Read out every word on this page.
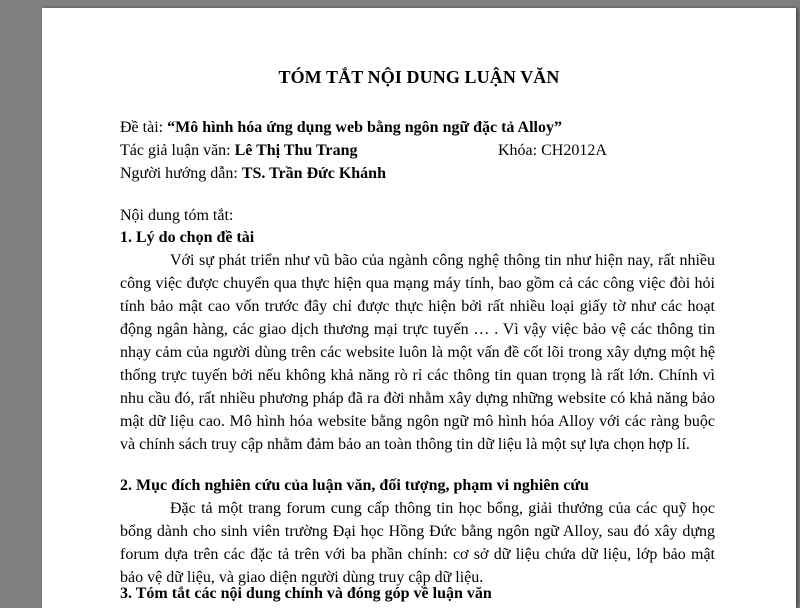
TÓM TẮT NỘI DUNG LUẬN VĂN
Đề tài: “Mô hình hóa ứng dụng web bằng ngôn ngữ đặc tả Alloy”
Tác giả luận văn: Lê Thị Thu Trang	Khóa: CH2012A
Người hướng dẫn: TS. Trần Đức Khánh
Nội dung tóm tắt:
1. Lý do chọn đề tài
Với sự phát triển như vũ bão của ngành công nghệ thông tin như hiện nay, rất nhiều công việc được chuyển qua thực hiện qua mạng máy tính, bao gồm cả các công việc đòi hỏi tính bảo mật cao vốn trước đây chỉ được thực hiện bởi rất nhiều loại giấy tờ như các hoạt động ngân hàng, các giao dịch thương mại trực tuyến … . Vì vậy việc bảo vệ các thông tin nhạy cảm của người dùng trên các website luôn là một vấn đề cốt lõi trong xây dựng một hệ thống trực tuyến bởi nếu không khả năng rò rỉ các thông tin quan trọng là rất lớn. Chính vì nhu cầu đó, rất nhiều phương pháp đã ra đời nhằm xây dựng những website có khả năng bảo mật dữ liệu cao. Mô hình hóa website bằng ngôn ngữ mô hình hóa Alloy với các ràng buộc và chính sách truy cập nhằm đảm bảo an toàn thông tin dữ liệu là một sự lựa chọn hợp lí.
2. Mục đích nghiên cứu của luận văn, đối tượng, phạm vi nghiên cứu
Đặc tả một trang forum cung cấp thông tin học bổng, giải thưởng của các quỹ học bổng dành cho sinh viên trường Đại học Hồng Đức bằng ngôn ngữ Alloy, sau đó xây dựng forum dựa trên các đặc tả trên với ba phần chính: cơ sở dữ liệu chứa dữ liệu, lớp bảo mật bảo vệ dữ liệu, và giao diện người dùng truy cập dữ liệu.
3. Tóm tắt các nội dung chính và đóng góp về luận văn
